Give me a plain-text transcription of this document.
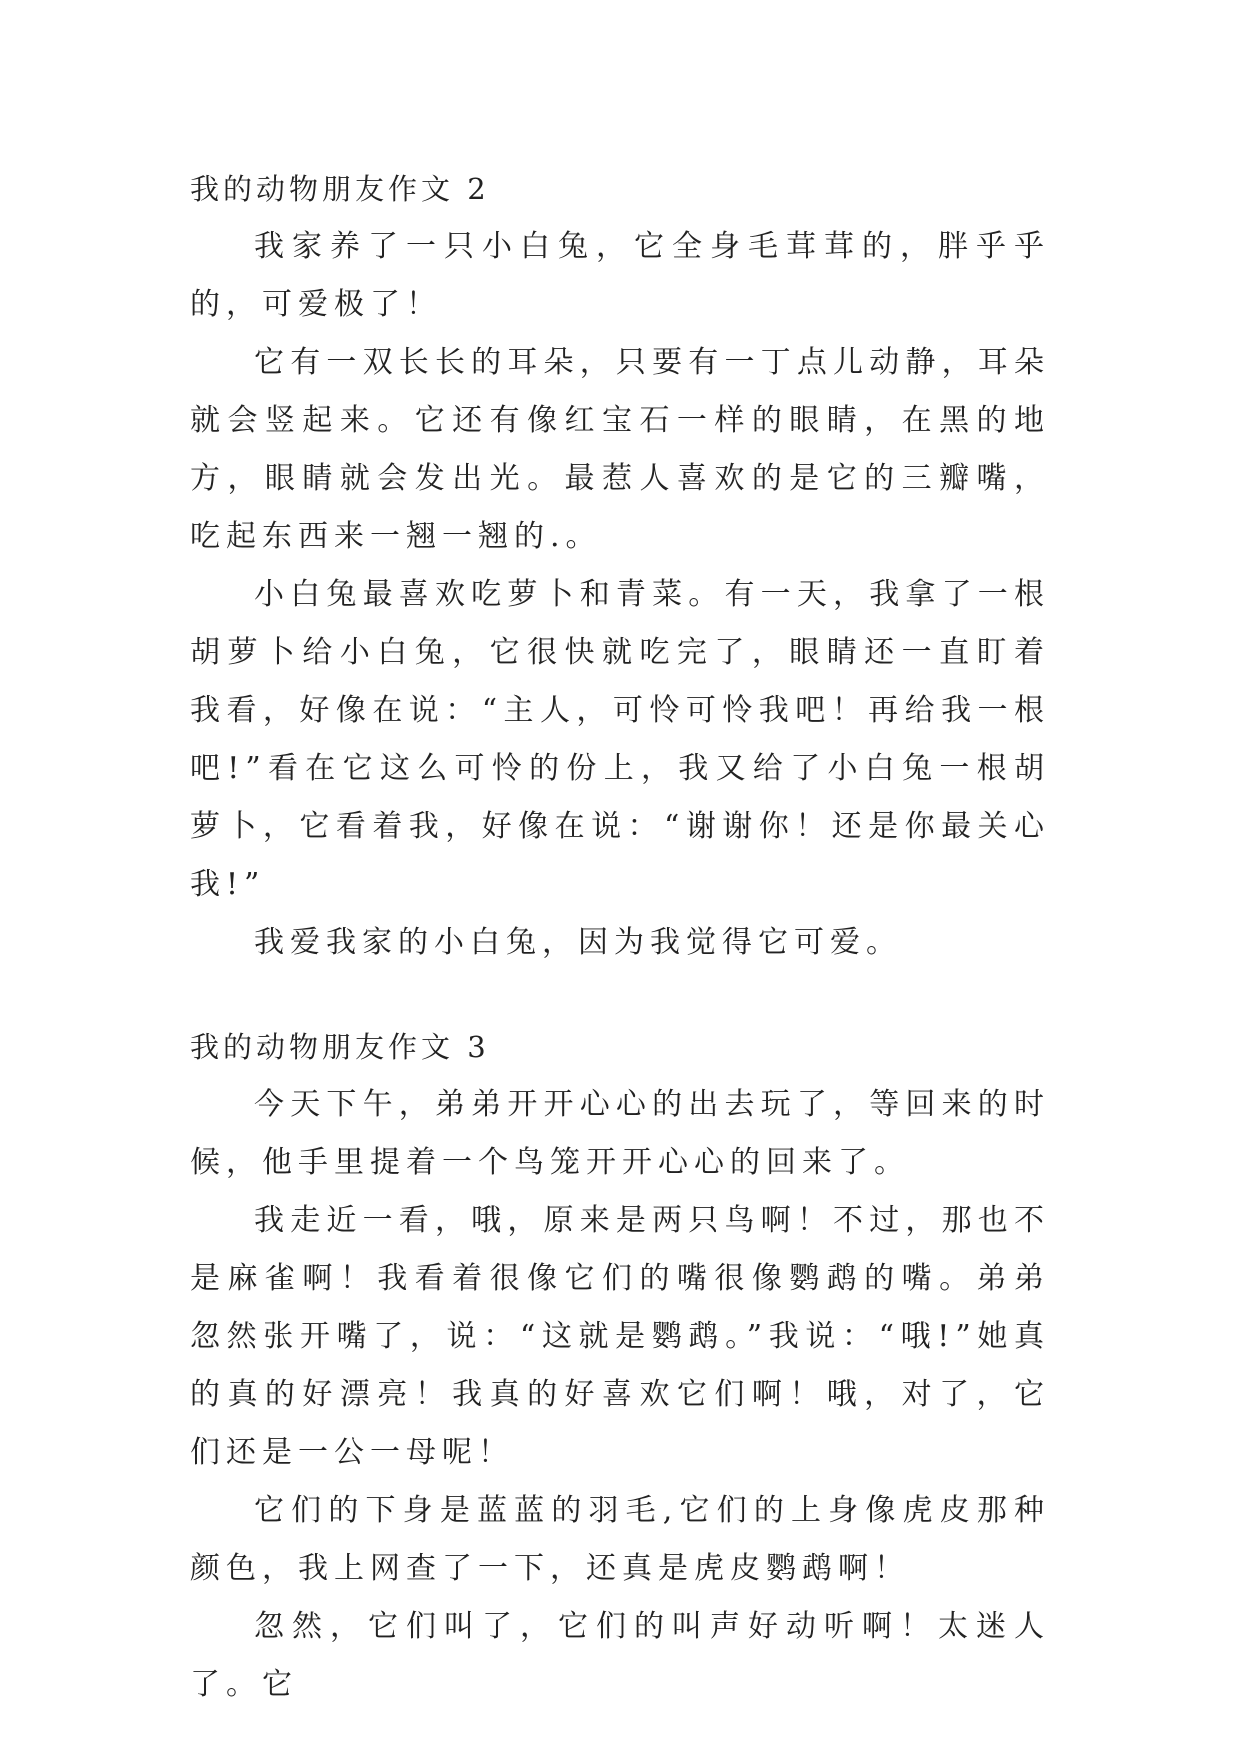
我的动物朋友作文 2

我家养了一只小白兔，它全身毛茸茸的，胖乎乎的，可爱极了！

它有一双长长的耳朵，只要有一丁点儿动静，耳朵就会竖起来。它还有像红宝石一样的眼睛，在黑的地方，眼睛就会发出光。最惹人喜欢的是它的三瓣嘴，吃起东西来一翘一翘的.。

小白兔最喜欢吃萝卜和青菜。有一天，我拿了一根胡萝卜给小白兔，它很快就吃完了，眼睛还一直盯着我看，好像在说：“主人，可怜可怜我吧！再给我一根吧!”看在它这么可怜的份上，我又给了小白兔一根胡萝卜，它看着我，好像在说：“谢谢你！还是你最关心我!”

我爱我家的小白兔，因为我觉得它可爱。

我的动物朋友作文 3

今天下午，弟弟开开心心的出去玩了，等回来的时候，他手里提着一个鸟笼开开心心的回来了。

我走近一看，哦，原来是两只鸟啊！不过，那也不是麻雀啊！我看着很像它们的嘴很像鹦鹉的嘴。弟弟忽然张开嘴了，说：“这就是鹦鹉。”我说：“哦!”她真的真的好漂亮！我真的好喜欢它们啊！哦，对了，它们还是一公一母呢！

它们的下身是蓝蓝的羽毛,它们的上身像虎皮那种颜色，我上网查了一下，还真是虎皮鹦鹉啊！

忽然，它们叫了，它们的叫声好动听啊！太迷人了。它
